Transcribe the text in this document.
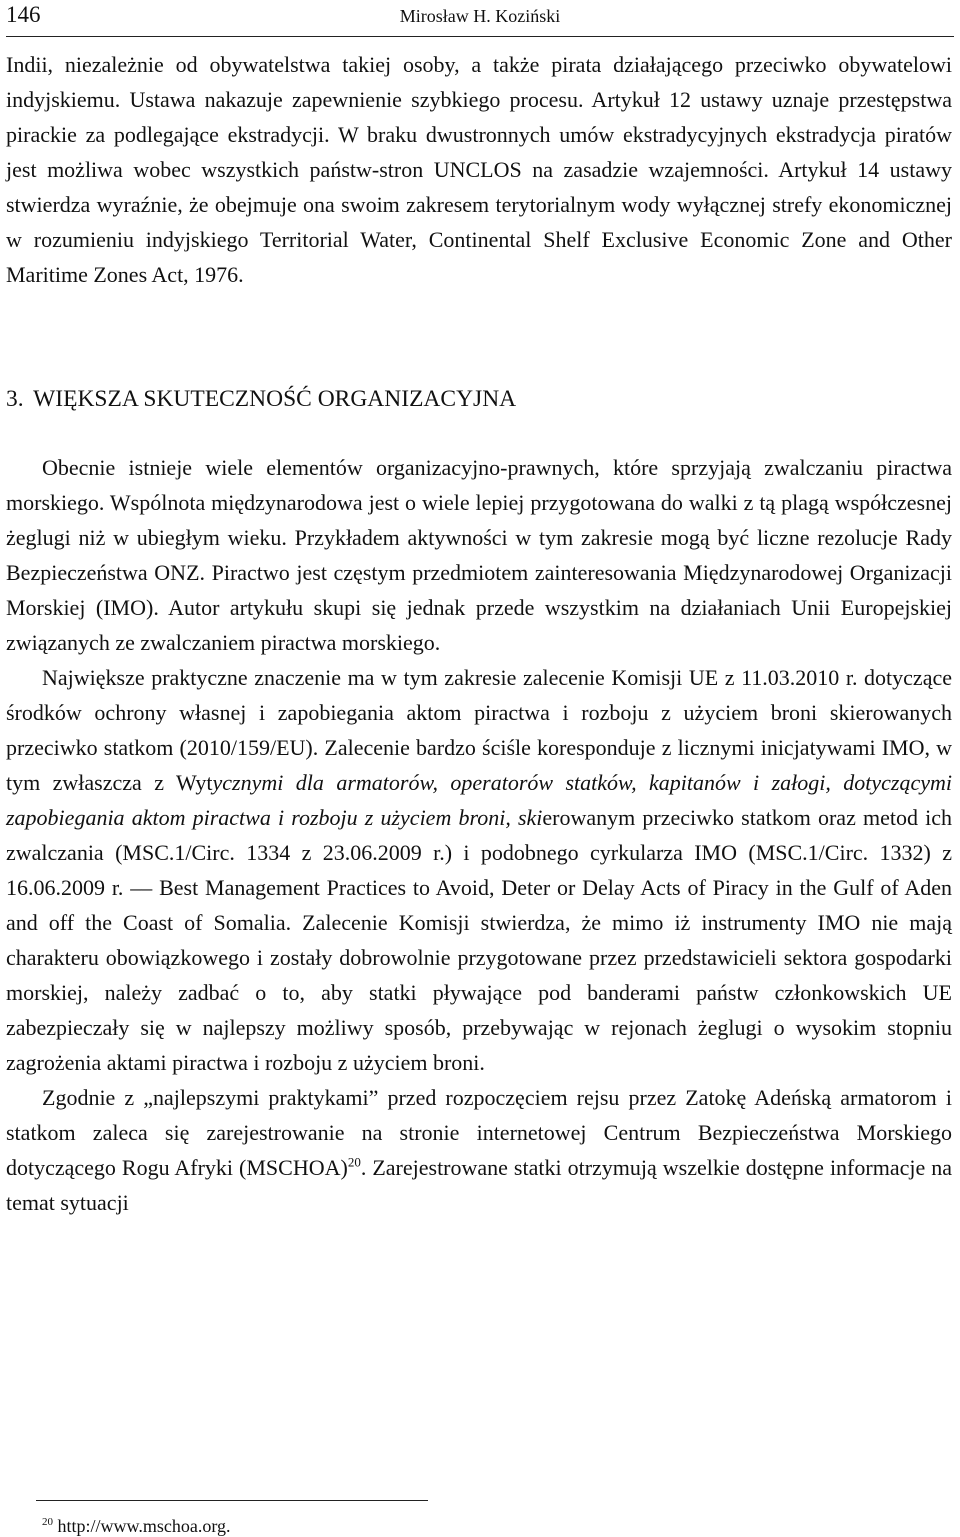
146	Mirosław H. Koziński

Indii, niezależnie od obywatelstwa takiej osoby, a także pirata działającego przeciwko obywatelowi indyjskiemu. Ustawa nakazuje zapewnienie szybkiego procesu. Artykuł 12 ustawy uznaje przestępstwa pirackie za podlegające ekstradycji. W braku dwustronnych umów ekstradycyjnych ekstradycja piratów jest możliwa wobec wszystkich państw-stron UNCLOS na zasadzie wzajemności. Artykuł 14 ustawy stwierdza wyraźnie, że obejmuje ona swoim zakresem terytorialnym wody wyłącznej strefy ekonomicznej w rozumieniu indyjskiego Territorial Water, Continental Shelf Exclusive Economic Zone and Other Maritime Zones Act, 1976.

3. WIĘKSZA SKUTECZNOŚĆ ORGANIZACYJNA

Obecnie istnieje wiele elementów organizacyjno-prawnych, które sprzyjają zwalczaniu piractwa morskiego. Wspólnota międzynarodowa jest o wiele lepiej przygotowana do walki z tą plagą współczesnej żeglugi niż w ubiegłym wieku. Przykładem aktywności w tym zakresie mogą być liczne rezolucje Rady Bezpieczeństwa ONZ. Piractwo jest częstym przedmiotem zainteresowania Międzynarodowej Organizacji Morskiej (IMO). Autor artykułu skupi się jednak przede wszystkim na działaniach Unii Europejskiej związanych ze zwalczaniem piractwa morskiego.

Największe praktyczne znaczenie ma w tym zakresie zalecenie Komisji UE z 11.03.2010 r. dotyczące środków ochrony własnej i zapobiegania aktom piractwa i rozboju z użyciem broni skierowanych przeciwko statkom (2010/159/EU). Zalecenie bardzo ściśle koresponduje z licznymi inicjatywami IMO, w tym zwłaszcza z Wytycznymi dla armatorów, operatorów statków, kapitanów i załogi, dotyczącymi zapobiegania aktom piractwa i rozboju z użyciem broni, skierowanym przeciwko statkom oraz metod ich zwalczania (MSC.1/Circ. 1334 z 23.06.2009 r.) i podobnego cyrkularza IMO (MSC.1/Circ. 1332) z 16.06.2009 r. –– Best Management Practices to Avoid, Deter or Delay Acts of Piracy in the Gulf of Aden and off the Coast of Somalia. Zalecenie Komisji stwierdza, że mimo iż instrumenty IMO nie mają charakteru obowiązkowego i zostały dobrowolnie przygotowane przez przedstawicieli sektora gospodarki morskiej, należy zadbać o to, aby statki pływające pod banderami państw członkowskich UE zabezpieczały się w najlepszy możliwy sposób, przebywając w rejonach żeglugi o wysokim stopniu zagrożenia aktami piractwa i rozboju z użyciem broni.

Zgodnie z „najlepszymi praktykami” przed rozpoczęciem rejsu przez Zatokę Adeńską armatorom i statkom zaleca się zarejestrowanie na stronie internetowej Centrum Bezpieczeństwa Morskiego dotyczącego Rogu Afryki (MSCHOA)$^{20}$. Zarejestrowane statki otrzymują wszelkie dostępne informacje na temat sytuacji

$^{20}$ http://www.mschoa.org.
